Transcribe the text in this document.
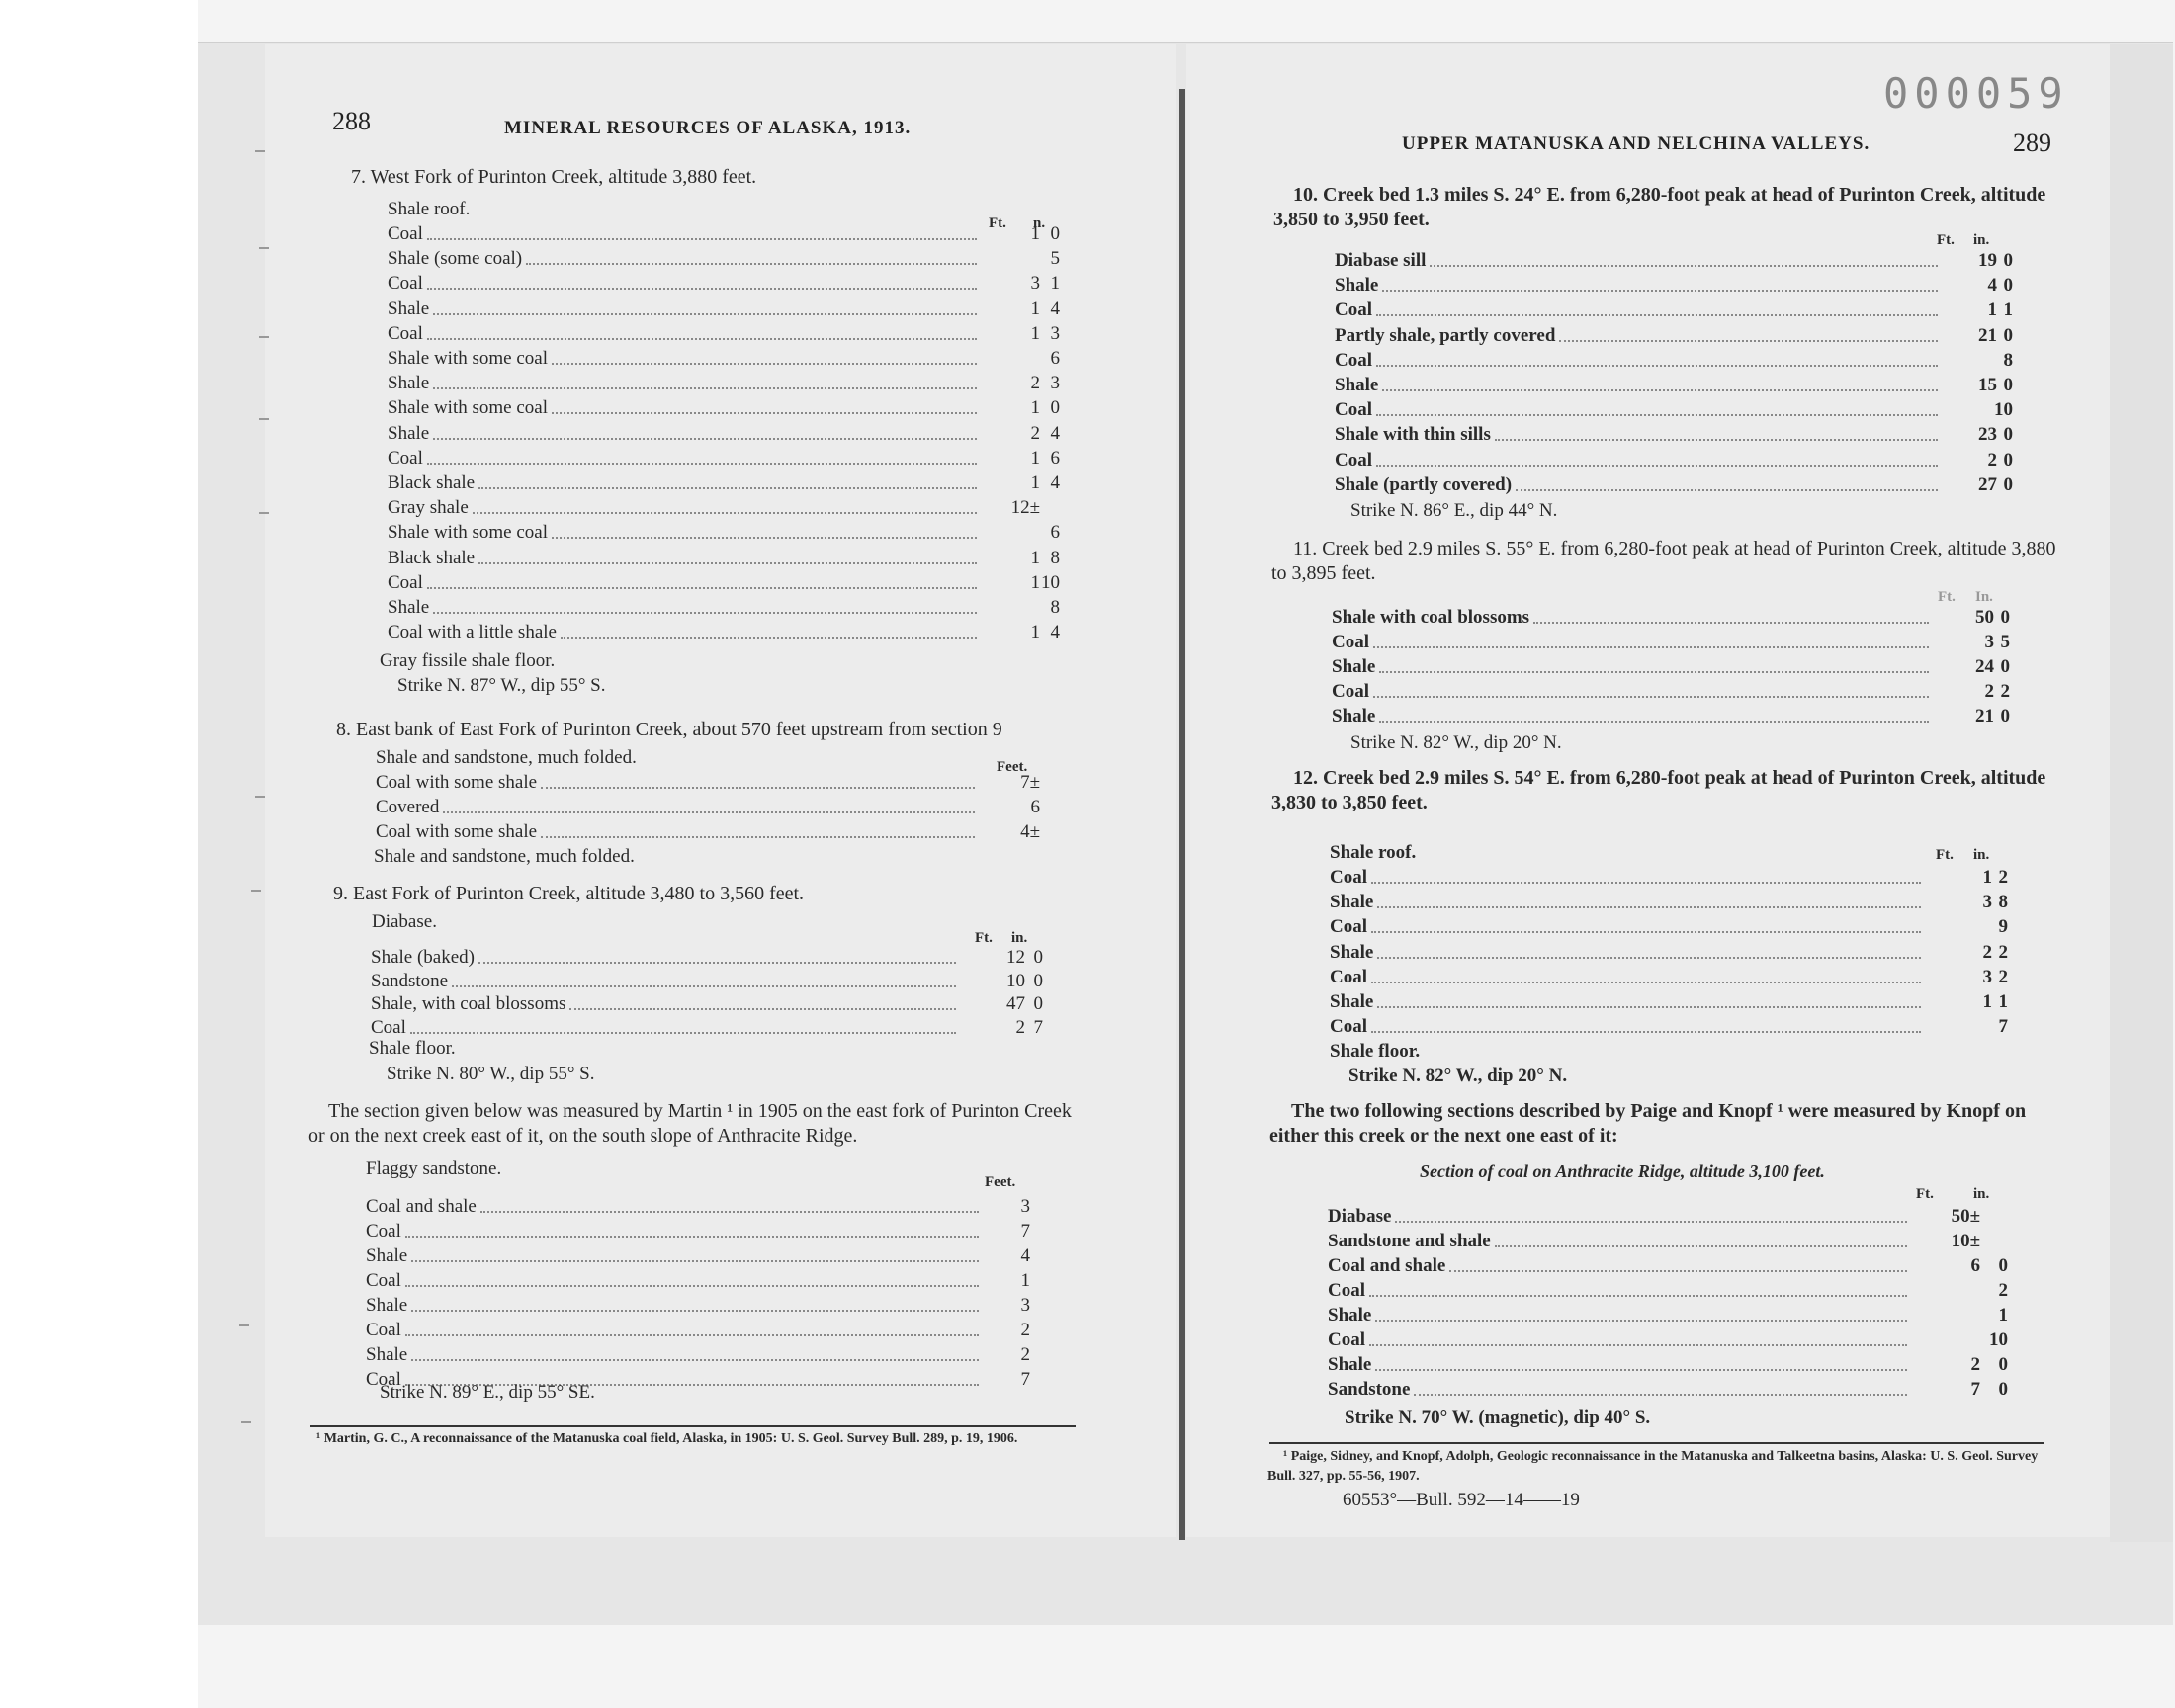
000059
288	MINERAL RESOURCES OF ALASKA, 1913.
7. West Fork of Purinton Creek, altitude 3,880 feet.
Shale roof.
Ft. n.
Coal	1 0
Shale (some coal)	5
Coal	3 1
Shale	1 4
Coal	1 3
Shale with some coal	6
Shale	2 3
Shale with some coal	1 0
Shale	2 4
Coal	1 6
Black shale	1 4
Gray shale	12±
Shale with some coal	6
Black shale	1 8
Coal	1 10
Shale	8
Coal with a little shale	1 4
Gray fissile shale floor.
Strike N. 87° W., dip 55° S.
8. East bank of East Fork of Purinton Creek, about 570 feet upstream from section 9
Shale and sandstone, much folded.	Feet.
Coal with some shale	7±
Covered	6
Coal with some shale	4±
Shale and sandstone, much folded.
9. East Fork of Purinton Creek, altitude 3,480 to 3,560 feet.
Diabase.
Ft. in.
Shale (baked)	12 0
Sandstone	10 0
Shale, with coal blossoms	47 0
Coal	2 7
Shale floor.
Strike N. 80° W., dip 55° S.
The section given below was measured by Martin ¹ in 1905 on the east fork of Purinton Creek or on the next creek east of it, on the south slope of Anthracite Ridge.
Flaggy sandstone.
Feet.
Coal and shale	3
Coal	7
Shale	4
Coal	1
Shale	3
Coal	2
Shale	2
Coal	7
Strike N. 89° E., dip 55° SE.
¹ Martin, G. C., A reconnaissance of the Matanuska coal field, Alaska, in 1905: U. S. Geol. Survey Bull. 289, p. 19, 1906.
UPPER MATANUSKA AND NELCHINA VALLEYS.	289
10. Creek bed 1.3 miles S. 24° E. from 6,280-foot peak at head of Purinton Creek, altitude 3,850 to 3,950 feet.
Ft. in.
Diabase sill	19 0
Shale	4 0
Coal	1 1
Partly shale, partly covered	21 0
Coal	8
Shale	15 0
Coal	10
Shale with thin sills	23 0
Coal	2 0
Shale (partly covered)	27 0
Strike N. 86° E., dip 44° N.
11. Creek bed 2.9 miles S. 55° E. from 6,280-foot peak at head of Purinton Creek, altitude 3,880 to 3,895 feet.
Ft. In.
Shale with coal blossoms	50 0
Coal	3 5
Shale	24 0
Coal	2 2
Shale	21 0
Strike N. 82° W., dip 20° N.
12. Creek bed 2.9 miles S. 54° E. from 6,280-foot peak at head of Purinton Creek, altitude 3,830 to 3,850 feet.
Shale roof.	Ft. in.
Coal	1 2
Shale	3 8
Coal	9
Shale	2 2
Coal	3 2
Shale	1 1
Coal	7
Shale floor.
Strike N. 82° W., dip 20° N.
The two following sections described by Paige and Knopf ¹ were measured by Knopf on either this creek or the next one east of it:
Section of coal on Anthracite Ridge, altitude 3,100 feet.
Ft.	in.
Diabase	50±
Sandstone and shale	10±
Coal and shale	6 0
Coal	2
Shale	1
Coal	10
Shale	2 0
Sandstone	7 0
Strike N. 70° W. (magnetic), dip 40° S.
¹ Paige, Sidney, and Knopf, Adolph, Geologic reconnaissance in the Matanuska and Talkeetna basins, Alaska: U. S. Geol. Survey Bull. 327, pp. 55-56, 1907.
60553°—Bull. 592—14——19
